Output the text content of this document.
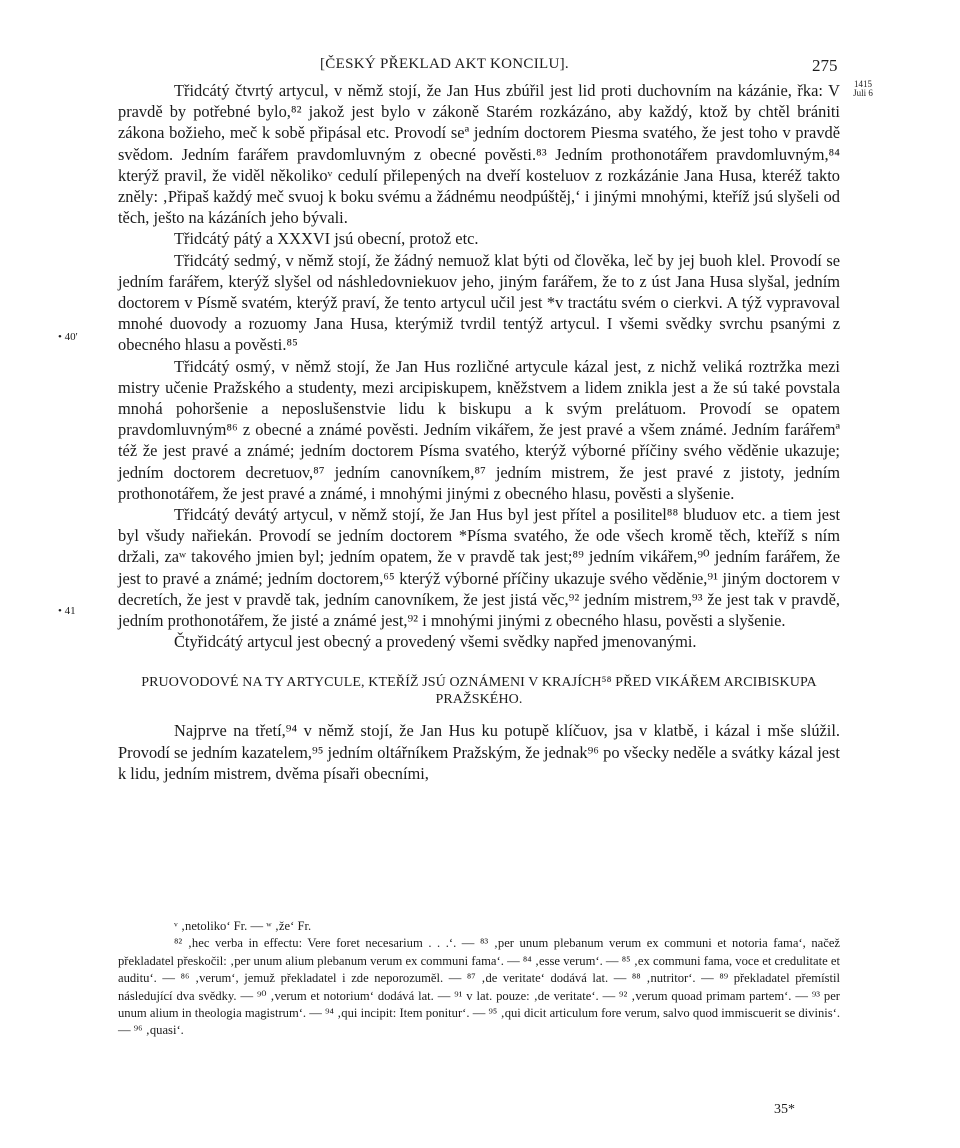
[ČESKÝ PŘEKLAD AKT KONCILU].	275
1415
Juli 6
• 40'
• 41

Třidcátý čtvrtý artycul, v němž stojí, že Jan Hus zbúřil jest lid proti duchovním na kázánie, řka: V pravdě by potřebné bylo,⁸² jakož jest bylo v zákoně Starém rozkázáno, aby každý, ktož by chtěl brániti zákona božieho, meč k sobě připásal etc. Provodí seª jedním doctorem Piesma svatého, že jest toho v pravdě svědom. Jedním farářem pravdomluvným z obecné pověsti.⁸³ Jedním prothonotářem pravdomluvným,⁸⁴ kterýž pravil, že viděl několikoᵛ cedulí přilepených na dveří kosteluov z rozkázánie Jana Husa, kteréž takto zněly: ‚Připaš každý meč svuoj k boku svému a žádnému neodpúštěj,‘ i jinými mnohými, kteříž jsú slyšeli od těch, ješto na kázáních jeho bývali.

Třidcátý pátý a XXXVI jsú obecní, protož etc.

Třidcátý sedmý, v němž stojí, že žádný nemuož klat býti od člověka, leč by jej buoh klel. Provodí se jedním farářem, kterýž slyšel od náshledovniekuov jeho, jiným farářem, že to z úst Jana Husa slyšal, jedním doctorem v Písmě svatém, kterýž praví, že tento artycul učil jest *v tractátu svém o cierkvi. A týž vypravoval mnohé duovody a rozuomy Jana Husa, kterýmiž tvrdil tentýž artycul. I všemi svědky svrchu psanými z obecného hlasu a pověsti.⁸⁵

Třidcátý osmý, v němž stojí, že Jan Hus rozličné artycule kázal jest, z nichž veliká roztržka mezi mistry učenie Pražského a studenty, mezi arcipiskupem, kněžstvem a lidem znikla jest a že sú také povstala mnohá pohoršenie a neposlušenstvie lidu k biskupu a k svým prelátuom. Provodí se opatem pravdomluvným⁸⁶ z obecné a známé pověsti. Jedním vikářem, že jest pravé a všem známé. Jedním farářemª též že jest pravé a známé; jedním doctorem Písma svatého, kterýž výborné příčiny svého věděnie ukazuje; jedním doctorem decretuov,⁸⁷ jedním canovníkem,⁸⁷ jedním mistrem, že jest pravé z jistoty, jedním prothonotářem, že jest pravé a známé, i mnohými jinými z obecného hlasu, pověsti a slyšenie.

Třidcátý devátý artycul, v němž stojí, že Jan Hus byl jest přítel a posilitel⁸⁸ bluduov etc. a tiem jest byl všudy nařiekán. Provodí se jedním doctorem *Písma svatého, že ode všech kromě těch, kteříž s ním držali, zaʷ takového jmien byl; jedním opatem, že v pravdě tak jest;⁸⁹ jedním vikářem,⁹⁰ jedním farářem, že jest to pravé a známé; jedním doctorem,⁶⁵ kterýž výborné příčiny ukazuje svého věděnie,⁹¹ jiným doctorem v decretích, že jest v pravdě tak, jedním canovníkem, že jest jistá věc,⁹² jedním mistrem,⁹³ že jest tak v pravdě, jedním prothonotářem, že jisté a známé jest,⁹² i mnohými jinými z obecného hlasu, pověsti a slyšenie.

Čtyřidcátý artycul jest obecný a provedený všemi svědky napřed jmenovanými.

PRUOVODOVÉ NA TY ARTYCULE, KTEŘÍŽ JSÚ OZNÁMENI V KRAJÍCH⁵⁸ PŘED VIKÁŘEM ARCIBISKUPA PRAŽSKÉHO.

Najprve na třetí,⁹⁴ v němž stojí, že Jan Hus ku potupě klíčuov, jsa v klatbě, i kázal i mše slúžil. Provodí se jedním kazatelem,⁹⁵ jedním oltářníkem Pražským, že jednak⁹⁶ po všecky neděle a svátky kázal jest k lidu, jedním mistrem, dvěma písaři obecními,

ᵛ ‚netoliko‘ Fr. — ʷ ‚že‘ Fr.

⁸² ‚hec verba in effectu: Vere foret necesarium . . .‘. — ⁸³ ‚per unum plebanum verum ex communi et notoria fama‘, načež překladatel přeskočil: ‚per unum alium plebanum verum ex communi fama‘. — ⁸⁴ ‚esse verum‘. — ⁸⁵ ‚ex communi fama, voce et credulitate et auditu‘. — ⁸⁶ ‚verum‘, jemuž překladatel i zde neporozuměl. — ⁸⁷ ‚de veritate‘ dodává lat. — ⁸⁸ ‚nutritor‘. — ⁸⁹ překladatel přemístil následující dva svědky. — ⁹⁰ ‚verum et notorium‘ dodává lat. — ⁹¹ v lat. pouze: ‚de veritate‘. — ⁹² ‚verum quoad primam partem‘. — ⁹³ per unum alium in theologia magistrum‘. — ⁹⁴ ‚qui incipit: Item ponitur‘. — ⁹⁵ ‚qui dicit articulum fore verum, salvo quod immiscuerit se divinis‘. — ⁹⁶ ‚quasi‘.

35*
